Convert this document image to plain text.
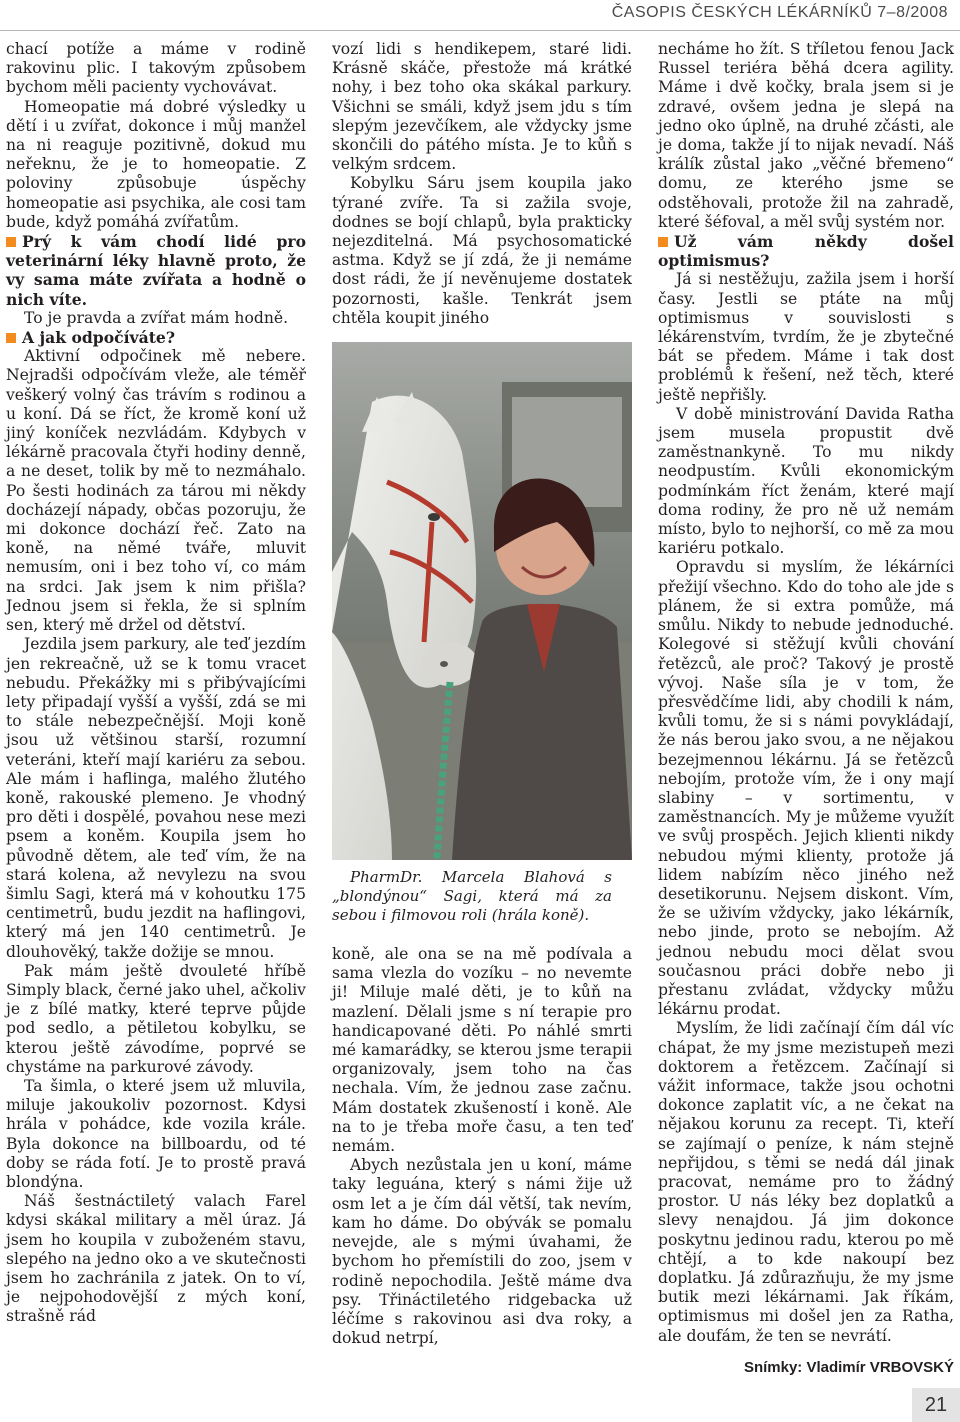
ČASOPIS ČESKÝCH LÉKÁRNÍKŮ 7–8/2008

chací potíže a máme v rodině rakovinu plic. I takovým způsobem bychom měli pacienty vychovávat.

Homeopatie má dobré výsledky u dětí i u zvířat, dokonce i můj manžel na ni reaguje pozitivně, dokud mu neřeknu, že je to homeopatie. Z poloviny způsobuje úspěchy homeopatie asi psychika, ale cosi tam bude, když pomáhá zvířatům.

Prý k vám chodí lidé pro veterinární léky hlavně proto, že vy sama máte zvířata a hodně o nich víte.

To je pravda a zvířat mám hodně.

A jak odpočíváte?

Aktivní odpočinek mě nebere. Nejradši odpočívám vleže, ale téměř veškerý volný čas trávím s rodinou a u koní. Dá se říct, že kromě koní už jiný koníček nezvládám. Kdybych v lékárně pracovala čtyři hodiny denně, a ne deset, tolik by mě to nezmáhalo. Po šesti hodinách za tárou mi někdy docházejí nápady, občas pozoruju, že mi dokonce dochází řeč. Zato na koně, na němé tváře, mluvit nemusím, oni i bez toho ví, co mám na srdci. Jak jsem k nim přišla? Jednou jsem si řekla, že si splním sen, který mě držel od dětství.

Jezdila jsem parkury, ale teď jezdím jen rekreačně, už se k tomu vracet nebudu. Překážky mi s přibývajícími lety připadají vyšší a vyšší, zdá se mi to stále nebezpečnější. Moji koně jsou už většinou starší, rozumní veteráni, kteří mají kariéru za sebou. Ale mám i haflinga, malého žlutého koně, rakouské plemeno. Je vhodný pro děti i dospělé, povahou nese mezi psem a koněm. Koupila jsem ho původně dětem, ale teď vím, že na stará kolena, až nevylezu na svou šimlu Sagi, která má v kohoutku 175 centimetrů, budu jezdit na haflingovi, který má jen 140 centimetrů. Je dlouhověký, takže dožije se mnou.

Pak mám ještě dvouleté hříbě Simply black, černé jako uhel, ačkoliv je z bílé matky, které teprve půjde pod sedlo, a pětiletou kobylku, se kterou ještě závodíme, poprvé se chystáme na parkurové závody.

Ta šimla, o které jsem už mluvila, miluje jakoukoliv pozornost. Kdysi hrála v pohádce, kde vozila krále. Byla dokonce na billboardu, od té doby se ráda fotí. Je to prostě pravá blondýna.

Náš šestnáctiletý valach Farel kdysi skákal military a měl úraz. Já jsem ho koupila v zuboženém stavu, slepého na jedno oko a ve skutečnosti jsem ho zachránila z jatek. On to ví, je nejpohodovější z mých koní, strašně rád

vozí lidi s hendikepem, staré lidi. Krásně skáče, přestože má krátké nohy, i bez toho oka skákal parkury. Všichni se smáli, když jsem jdu s tím slepým jezevčíkem, ale vždycky jsme skončili do pátého místa. Je to kůň s velkým srdcem.

Kobylku Sáru jsem koupila jako týrané zvíře. Ta si zažila svoje, dodnes se bojí chlapů, byla prakticky nejezditelná. Má psychosomatické astma. Když se jí zdá, že ji nemáme dost rádi, že jí nevěnujeme dostatek pozornosti, kašle. Tenkrát jsem chtěla koupit jiného

PharmDr. Marcela Blahová s „blondýnou“ Sagi, která má za sebou i filmovou roli (hrála koně).

koně, ale ona se na mě podívala a sama vlezla do vozíku – no nevemte ji! Miluje malé děti, je to kůň na mazlení. Dělali jsme s ní terapie pro handicapované děti. Po náhlé smrti mé kamarádky, se kterou jsme terapii organizovaly, jsem toho na čas nechala. Vím, že jednou zase začnu. Mám dostatek zkušeností i koně. Ale na to je třeba moře času, a ten teď nemám.

Abych nezůstala jen u koní, máme taky leguána, který s námi žije už osm let a je čím dál větší, tak nevím, kam ho dáme. Do obývák se pomalu nevejde, ale s mými úvahami, že bychom ho přemístili do zoo, jsem v rodině nepochodila. Ještě máme dva psy. Třináctiletého ridgebacka už léčíme s rakovinou asi dva roky, a dokud netrpí,

necháme ho žít. S tříletou fenou Jack Russel teriéra běhá dcera agility. Máme i dvě kočky, brala jsem si je zdravé, ovšem jedna je slepá na jedno oko úplně, na druhé zčásti, ale je doma, takže jí to nijak nevadí. Náš králík zůstal jako „věčné břemeno“ domu, ze kterého jsme se odstěhovali, protože žil na zahradě, které šéfoval, a měl svůj systém nor.

Už vám někdy došel optimismus?

Já si nestěžuju, zažila jsem i horší časy. Jestli se ptáte na můj optimismus v souvislosti s lékárenstvím, tvrdím, že je zbytečné bát se předem. Máme i tak dost problémů k řešení, než těch, které ještě nepřišly.

V době ministrování Davida Ratha jsem musela propustit dvě zaměstnankyně. To mu nikdy neodpustím. Kvůli ekonomickým podmínkám říct ženám, které mají doma rodiny, že pro ně už nemám místo, bylo to nejhorší, co mě za mou kariéru potkalo.

Opravdu si myslím, že lékárníci přežijí všechno. Kdo do toho ale jde s plánem, že si extra pomůže, má smůlu. Nikdy to nebude jednoduché. Kolegové si stěžují kvůli chování řetězců, ale proč? Takový je prostě vývoj. Naše síla je v tom, že přesvědčíme lidi, aby chodili k nám, kvůli tomu, že si s námi povykládají, že nás berou jako svou, a ne nějakou bezejmennou lékárnu. Já se řetězců nebojím, protože vím, že i ony mají slabiny – v sortimentu, v zaměstnancích. My je můžeme využít ve svůj prospěch. Jejich klienti nikdy nebudou mými klienty, protože já lidem nabízím něco jiného než desetikorunu. Nejsem diskont. Vím, že se uživím vždycky, jako lékárník, nebo jinde, proto se nebojím. Až jednou nebudu moci dělat svou současnou práci dobře nebo ji přestanu zvládat, vždycky můžu lékárnu prodat.

Myslím, že lidi začínají čím dál víc chápat, že my jsme mezistupeň mezi doktorem a řetězcem. Začínají si vážit informace, takže jsou ochotni dokonce zaplatit víc, a ne čekat na nějakou korunu za recept. Ti, kteří se zajímají o peníze, k nám stejně nepřijdou, s těmi se nedá dál jinak pracovat, nemáme pro to žádný prostor. U nás léky bez doplatků a slevy nenajdou. Já jim dokonce poskytnu jedinou radu, kterou po mě chtějí, a to kde nakoupí bez doplatku. Já zdůrazňuju, že my jsme butik mezi lékárnami. Jak říkám, optimismus mi došel jen za Ratha, ale doufám, že ten se nevrátí.

Snímky: Vladimír VRBOVSKÝ

21
